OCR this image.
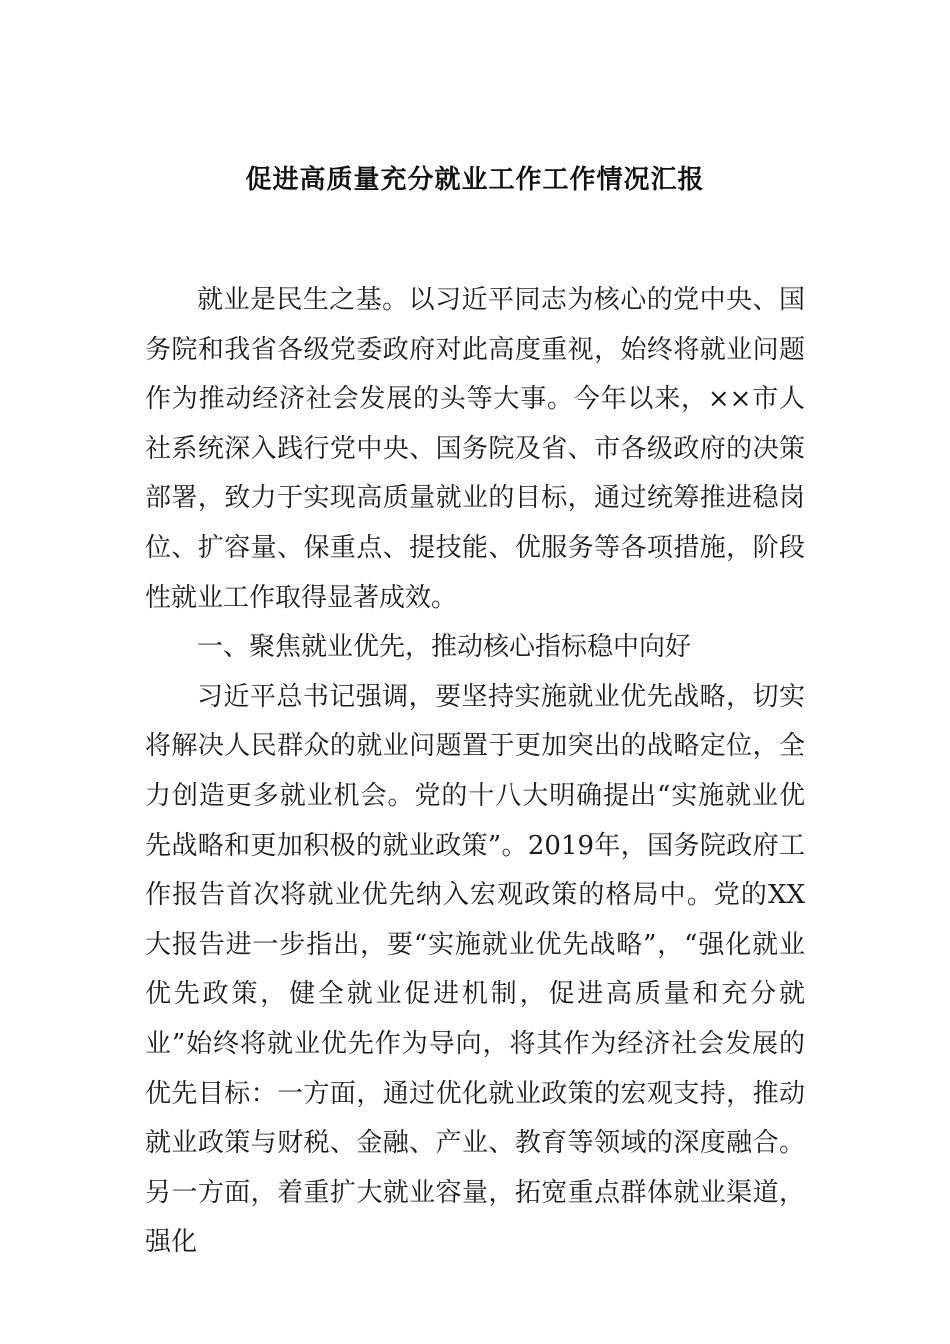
促进高质量充分就业工作工作情况汇报

就业是民生之基。以习近平同志为核心的党中央、国务院和我省各级党委政府对此高度重视，始终将就业问题作为推动经济社会发展的头等大事。今年以来，××市人社系统深入践行党中央、国务院及省、市各级政府的决策部署，致力于实现高质量就业的目标，通过统筹推进稳岗位、扩容量、保重点、提技能、优服务等各项措施，阶段性就业工作取得显著成效。

一、聚焦就业优先，推动核心指标稳中向好

习近平总书记强调，要坚持实施就业优先战略，切实将解决人民群众的就业问题置于更加突出的战略定位，全力创造更多就业机会。党的十八大明确提出“实施就业优先战略和更加积极的就业政策”。2019年，国务院政府工作报告首次将就业优先纳入宏观政策的格局中。党的XX大报告进一步指出，要“实施就业优先战略”，“强化就业优先政策，健全就业促进机制，促进高质量和充分就业”始终将就业优先作为导向，将其作为经济社会发展的优先目标：一方面，通过优化就业政策的宏观支持，推动就业政策与财税、金融、产业、教育等领域的深度融合。另一方面，着重扩大就业容量，拓宽重点群体就业渠道，强化
